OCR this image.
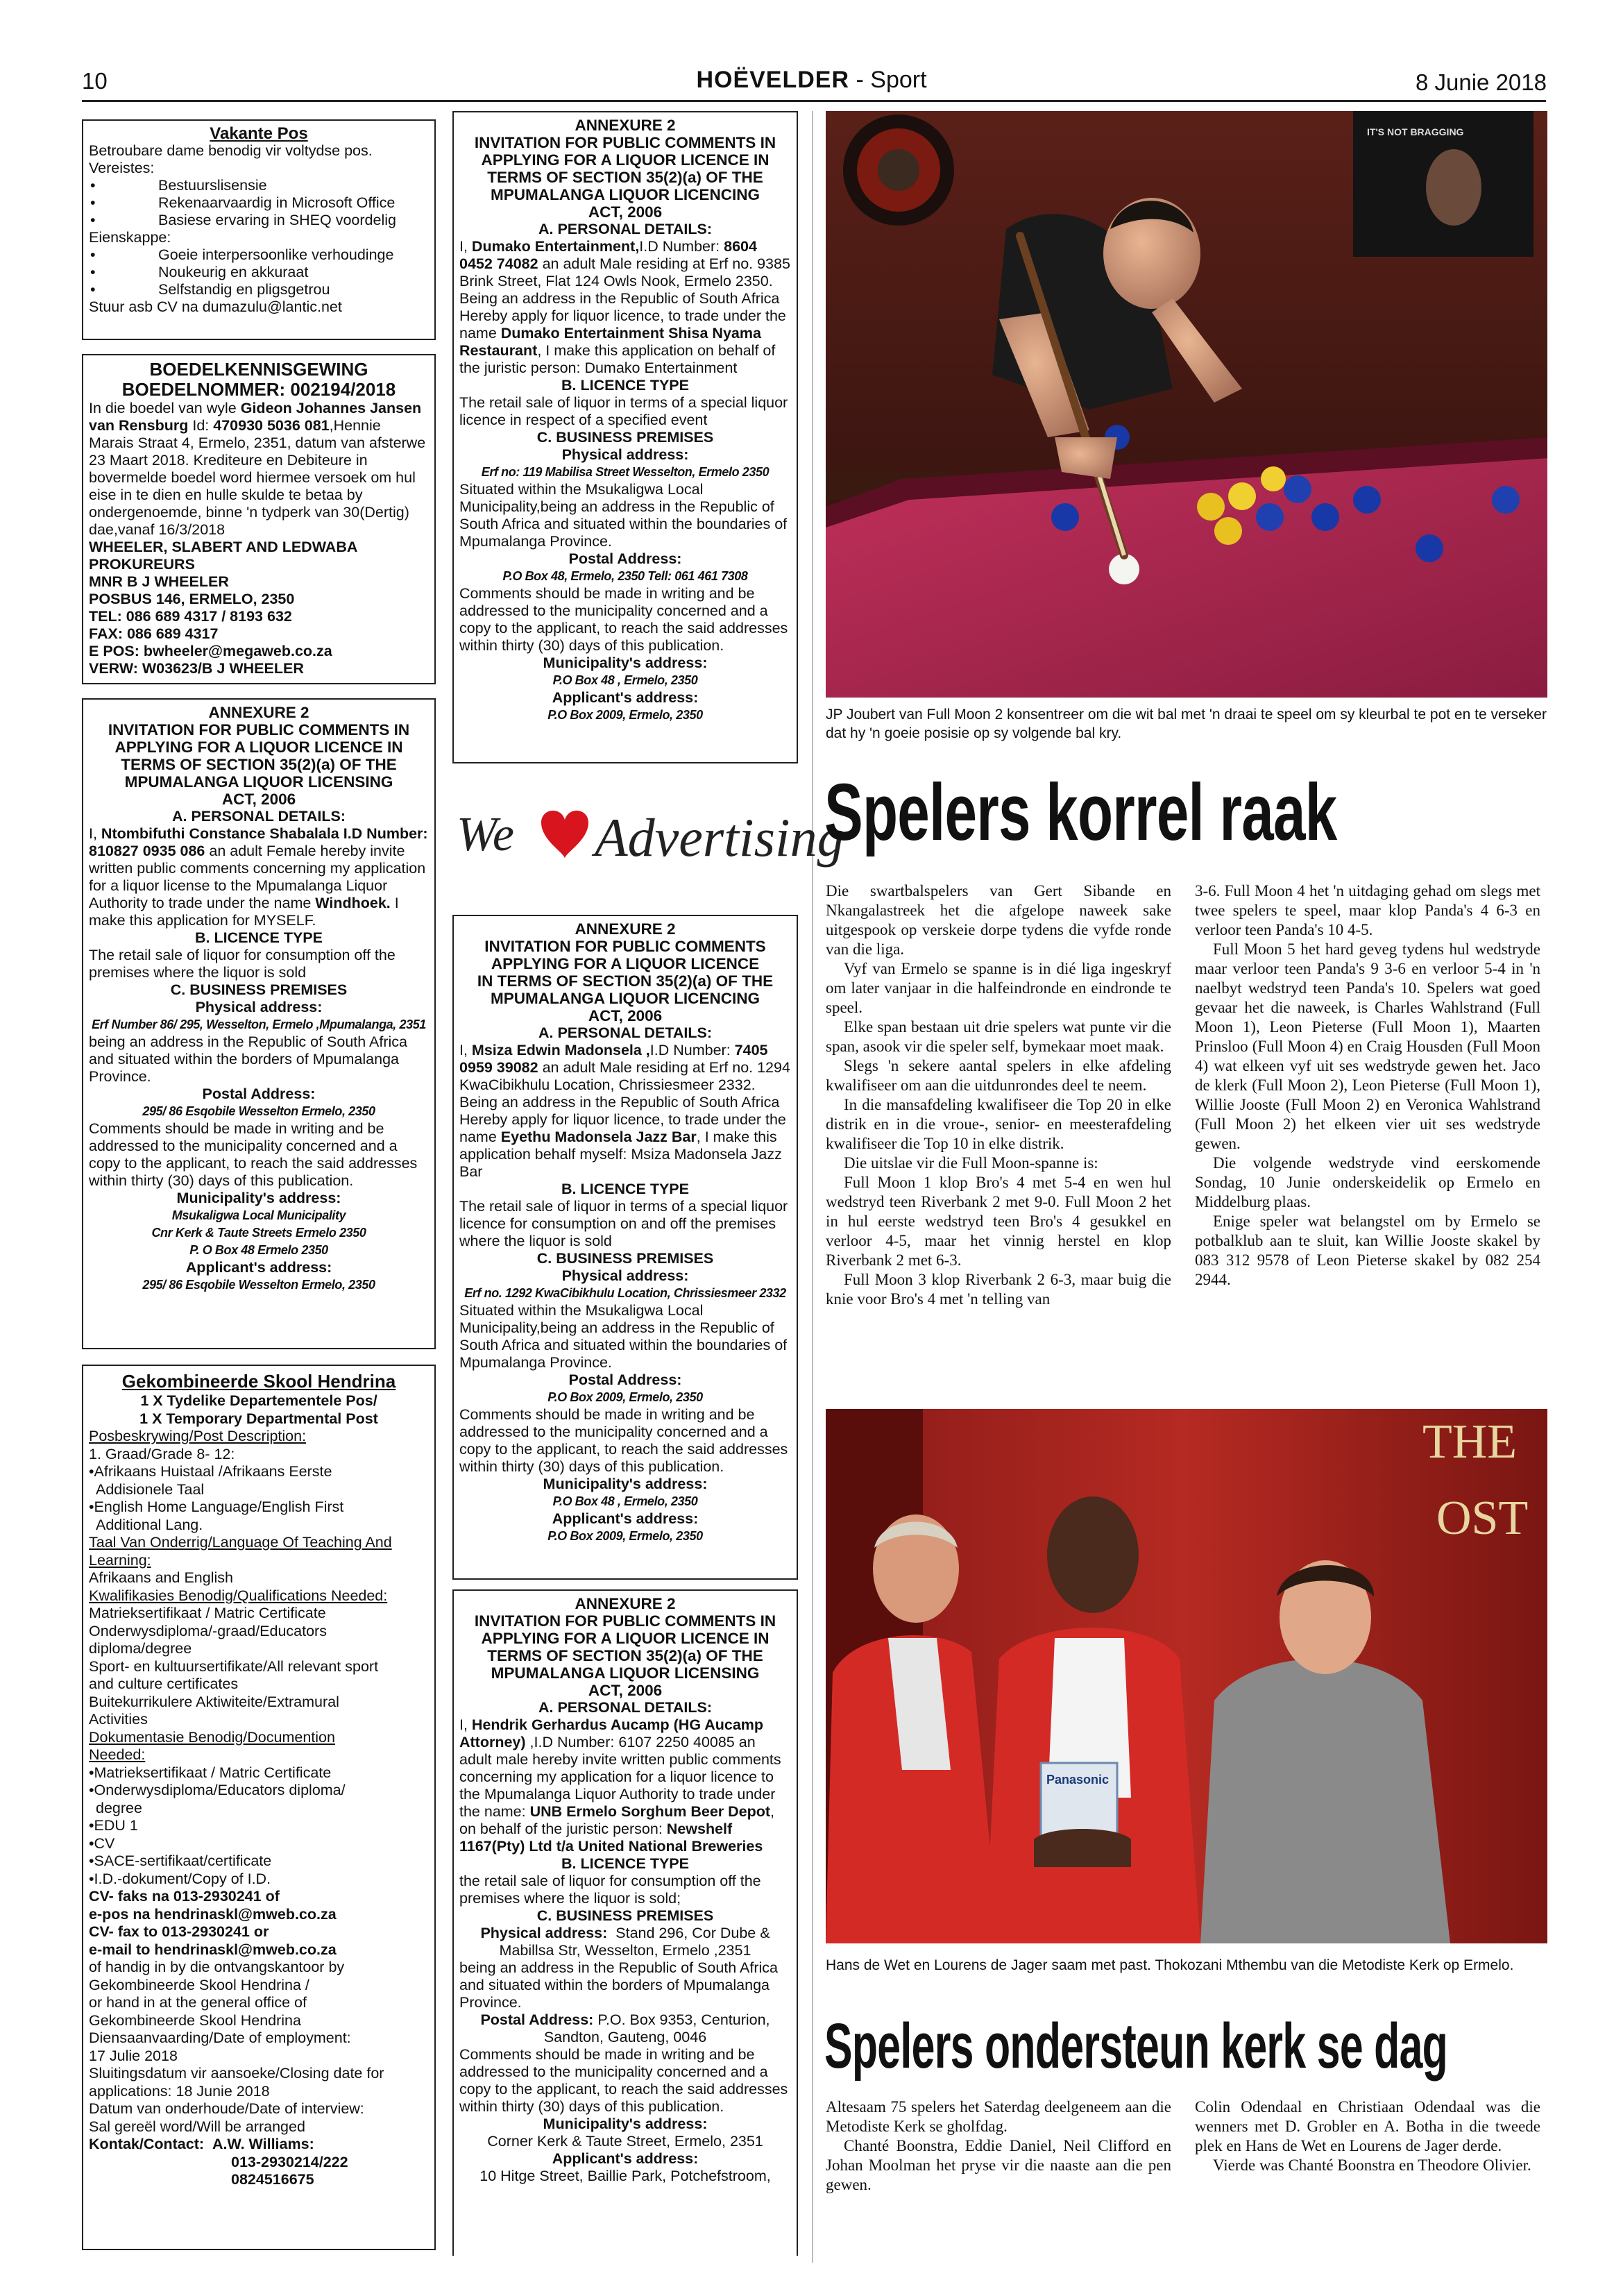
10	HOËVELDER - Sport	8 Junie 2018

Vakante Pos

Betroubare dame benodig vir voltydse pos.

Vereistes:

• Bestuurslisensie
• Rekenaarvaardig in Microsoft Office
• Basiese ervaring in SHEQ voordelig

Eienskappe:

• Goeie interpersoonlike verhoudinge
• Noukeurig en akkuraat
• Selfstandig en pligsgetrou

Stuur asb CV na dumazulu@lantic.net

BOEDELKENNISGEWING

BOEDELNOMMER: 002194/2018

In die boedel van wyle Gideon Johannes Jansen van Rensburg Id: 470930 5036 081,Hennie Marais Straat 4, Ermelo, 2351, datum van afsterwe 23 Maart 2018. Krediteure en Debiteure in bovermelde boedel word hiermee versoek om hul eise in te dien en hulle skulde te betaa by ondergenoemde, binne 'n tydperk van 30(Dertig) dae,vanaf 16/3/2018

WHEELER, SLABERT AND LEDWABA

PROKUREURS

MNR B J WHEELER

POSBUS 146, ERMELO, 2350

TEL: 086 689 4317 / 8193 632

FAX: 086 689 4317

E POS: bwheeler@megaweb.co.za

VERW: W03623/B J WHEELER

ANNEXURE 2

INVITATION FOR PUBLIC COMMENTS IN

APPLYING FOR A LIQUOR LICENCE IN

TERMS OF SECTION 35(2)(a) OF THE

MPUMALANGA LIQUOR LICENSING

ACT, 2006

A. PERSONAL DETAILS:

I, Ntombifuthi Constance Shabalala I.D Number: 810827 0935 086 an adult Female hereby invite written public comments concerning my application for a liquor license to the Mpumalanga Liquor Authority to trade under the name Windhoek. I make this application for MYSELF.

B. LICENCE TYPE

The retail sale of liquor for consumption off the premises where the liquor is sold

C. BUSINESS PREMISES

Physical address:

Erf Number 86/ 295, Wesselton, Ermelo ,Mpumalanga, 2351

being an address in the Republic of South Africa and situated within the borders of Mpumalanga Province.

Postal Address:

295/ 86 Esqobile Wesselton Ermelo, 2350

Comments should be made in writing and be addressed to the municipality concerned and a copy to the applicant, to reach the said addresses within thirty (30) days of this publication.

Municipality's address:

Msukaligwa Local Municipality

Cnr Kerk & Taute Streets Ermelo 2350

P. O Box 48 Ermelo 2350

Applicant's address:

295/ 86 Esqobile Wesselton Ermelo, 2350

Gekombineerde Skool Hendrina

1 X Tydelike Departementele Pos/

1 X Temporary Departmental Post

Posbeskrywing/Post Description:

1. Graad/Grade 8- 12:

•Afrikaans Huistaal /Afrikaans Eerste

Addisionele Taal

•English Home Language/English First

Additional Lang.

Taal Van Onderrig/Language Of Teaching And

Learning:

Afrikaans and English

Kwalifikasies Benodig/Qualifications Needed:

Matrieksertifikaat / Matric Certificate

Onderwysdiploma/-graad/Educators

diploma/degree

Sport- en kultuursertifikate/All relevant sport

and culture certificates

Buitekurrikulere Aktiwiteite/Extramural

Activities

Dokumentasie Benodig/Documention

Needed:

•Matrieksertifikaat / Matric Certificate

•Onderwysdiploma/Educators diploma/

degree

•EDU 1

•CV

•SACE-sertifikaat/certificate

•I.D.-dokument/Copy of I.D.

CV- faks na 013-2930241 of

e-pos na hendrinaskl@mweb.co.za

CV- fax to 013-2930241 or

e-mail to hendrinaskl@mweb.co.za

of handig in by die ontvangskantoor by

Gekombineerde Skool Hendrina /

or hand in at the general office of

Gekombineerde Skool Hendrina

Diensaanvaarding/Date of employment:

17 Julie 2018

Sluitingsdatum vir aansoeke/Closing date for

applications: 18 Junie 2018

Datum van onderhoude/Date of interview:

Sal gereël word/Will be arranged

Kontak/Contact: A.W. Williams:

013-2930214/222

0824516675

ANNEXURE 2

INVITATION FOR PUBLIC COMMENTS IN

APPLYING FOR A LIQUOR LICENCE IN

TERMS OF SECTION 35(2)(a) OF THE

MPUMALANGA LIQUOR LICENCING

ACT, 2006

A. PERSONAL DETAILS:

I, Dumako Entertainment,I.D Number: 8604 0452 74082 an adult Male residing at Erf no. 9385 Brink Street, Flat 124 Owls Nook, Ermelo 2350. Being an address in the Republic of South Africa Hereby apply for liquor licence, to trade under the name Dumako Entertainment Shisa Nyama Restaurant, I make this application on behalf of the juristic person: Dumako Entertainment

B. LICENCE TYPE

The retail sale of liquor in terms of a special liquor licence in respect of a specified event

C. BUSINESS PREMISES

Physical address:

Erf no: 119 Mabilisa Street Wesselton, Ermelo 2350

Situated within the Msukaligwa Local Municipality,being an address in the Republic of South Africa and situated within the boundaries of Mpumalanga Province.

Postal Address:

P.O Box 48, Ermelo, 2350 Tell: 061 461 7308

Comments should be made in writing and be addressed to the municipality concerned and a copy to the applicant, to reach the said addresses within thirty (30) days of this publication.

Municipality's address:

P.O Box 48 , Ermelo, 2350

Applicant's address:

P.O Box 2009, Ermelo, 2350

We Advertising

ANNEXURE 2

INVITATION FOR PUBLIC COMMENTS

APPLYING FOR A LIQUOR LICENCE

IN TERMS OF SECTION 35(2)(a) OF THE

MPUMALANGA LIQUOR LICENCING

ACT, 2006

A. PERSONAL DETAILS:

I, Msiza Edwin Madonsela ,I.D Number: 7405 0959 39082 an adult Male residing at Erf no. 1294 KwaCibikhulu Location, Chrissiesmeer 2332. Being an address in the Republic of South Africa Hereby apply for liquor licence, to trade under the name Eyethu Madonsela Jazz Bar, I make this application behalf myself: Msiza Madonsela Jazz Bar

B. LICENCE TYPE

The retail sale of liquor in terms of a special liquor licence for consumption on and off the premises where the liquor is sold

C. BUSINESS PREMISES

Physical address:

Erf no. 1292 KwaCibikhulu Location, Chrissiesmeer 2332

Situated within the Msukaligwa Local Municipality,being an address in the Republic of South Africa and situated within the boundaries of Mpumalanga Province.

Postal Address:

P.O Box 2009, Ermelo, 2350

Comments should be made in writing and be addressed to the municipality concerned and a copy to the applicant, to reach the said addresses within thirty (30) days of this publication.

Municipality's address:

P.O Box 48 , Ermelo, 2350

Applicant's address:

P.O Box 2009, Ermelo, 2350

ANNEXURE 2

INVITATION FOR PUBLIC COMMENTS IN

APPLYING FOR A LIQUOR LICENCE IN

TERMS OF SECTION 35(2)(a) OF THE

MPUMALANGA LIQUOR LICENSING

ACT, 2006

A. PERSONAL DETAILS:

I, Hendrik Gerhardus Aucamp (HG Aucamp Attorney) ,I.D Number: 6107 2250 40085 an adult male hereby invite written public comments concerning my application for a liquor licence to the Mpumalanga Liquor Authority to trade under the name: UNB Ermelo Sorghum Beer Depot, on behalf of the juristic person: Newshelf 1167(Pty) Ltd t/a United National Breweries

B. LICENCE TYPE

the retail sale of liquor for consumption off the premises where the liquor is sold;

C. BUSINESS PREMISES

Physical address: Stand 296, Cor Dube &

Mabillsa Str, Wesselton, Ermelo ,2351

being an address in the Republic of South Africa and situated within the borders of Mpumalanga Province.

Postal Address: P.O. Box 9353, Centurion,

Sandton, Gauteng, 0046

Comments should be made in writing and be addressed to the municipality concerned and a copy to the applicant, to reach the said addresses within thirty (30) days of this publication.

Municipality's address:

Corner Kerk & Taute Street, Ermelo, 2351

Applicant's address:

10 Hitge Street, Baillie Park, Potchefstroom,

IT'S NOT BRAGGING
JP Joubert van Full Moon 2 konsentreer om die wit bal met 'n draai te speel om sy kleurbal te pot en te verseker dat hy 'n goeie posisie op sy volgende bal kry.
Spelers korrel raak

Die swartbalspelers van Gert Sibande en Nkangalastreek het die afgelope naweek sake uitgespook op verskeie dorpe tydens die vyfde ronde van die liga.

Vyf van Ermelo se spanne is in dié liga ingeskryf om later vanjaar in die halfeindronde en eindronde te speel.

Elke span bestaan uit drie spelers wat punte vir die span, asook vir die speler self, bymekaar moet maak.

Slegs 'n sekere aantal spelers in elke afdeling kwalifiseer om aan die uitdunrondes deel te neem.

In die mansafdeling kwalifiseer die Top 20 in elke distrik en in die vroue-, senior- en meesterafdeling kwalifiseer die Top 10 in elke distrik.

Die uitslae vir die Full Moon-spanne is:

Full Moon 1 klop Bro's 4 met 5-4 en wen hul wedstryd teen Riverbank 2 met 9-0. Full Moon 2 het in hul eerste wedstryd teen Bro's 4 gesukkel en verloor 4-5, maar het vinnig herstel en klop Riverbank 2 met 6-3.

Full Moon 3 klop Riverbank 2 6-3, maar buig die knie voor Bro's 4 met 'n telling van

3-6. Full Moon 4 het 'n uitdaging gehad om slegs met twee spelers te speel, maar klop Panda's 4 6-3 en verloor teen Panda's 10 4-5.

Full Moon 5 het hard geveg tydens hul wedstryde maar verloor teen Panda's 9 3-6 en verloor 5-4 in 'n naelbyt wedstryd teen Panda's 10. Spelers wat goed gevaar het die naweek, is Charles Wahlstrand (Full Moon 1), Leon Pieterse (Full Moon 1), Maarten Prinsloo (Full Moon 4) en Craig Housden (Full Moon 4) wat elkeen vyf uit ses wedstryde gewen het. Jaco de klerk (Full Moon 2), Leon Pieterse (Full Moon 1), Willie Jooste (Full Moon 2) en Veronica Wahlstrand (Full Moon 2) het elkeen vier uit ses wedstryde gewen.

Die volgende wedstryde vind eerskomende Sondag, 10 Junie onderskeidelik op Ermelo en Middelburg plaas.

Enige speler wat belangstel om by Ermelo se potbalklub aan te sluit, kan Willie Jooste skakel by 083 312 9578 of Leon Pieterse skakel by 082 254 2944.

THE
OST
Panasonic
Hans de Wet en Lourens de Jager saam met past. Thokozani Mthembu van die Metodiste Kerk op Ermelo.
Spelers ondersteun kerk se dag

Altesaam 75 spelers het Saterdag deelgeneem aan die Metodiste Kerk se gholfdag.

Chanté Boonstra, Eddie Daniel, Neil Clifford en Johan Moolman het pryse vir die naaste aan die pen gewen.

Colin Odendaal en Christiaan Odendaal was die wenners met D. Grobler en A. Botha in die tweede plek en Hans de Wet en Lourens de Jager derde.

Vierde was Chanté Boonstra en Theodore Olivier.
